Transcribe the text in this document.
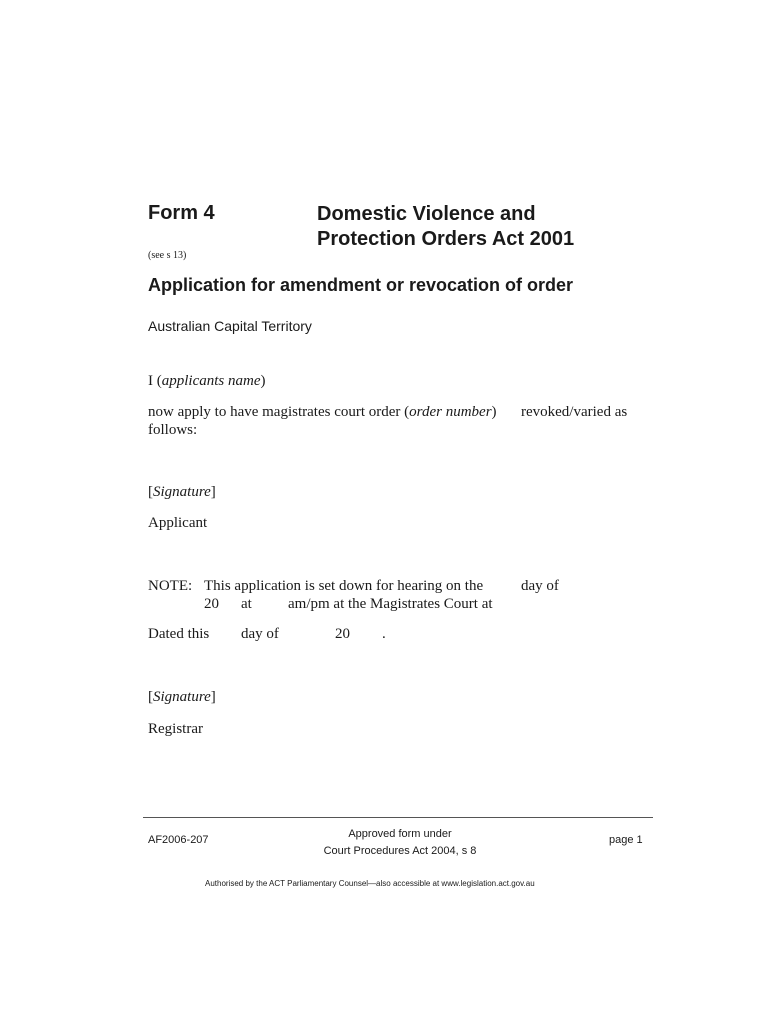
Form 4	Domestic Violence and
Protection Orders Act 2001
(see s 13)
Application for amendment or revocation of order
Australian Capital Territory
I (applicants name)
now apply to have magistrates court order (order number) revoked/varied as
follows:
[Signature]
Applicant
NOTE: This application is set down for hearing on the	day of
20 at am/pm at the Magistrates Court at
Dated this day of	20 .
[Signature]
Registrar
AF2006-207	Approved form under
Court Procedures Act 2004, s 8
page 1
Authorised by the ACT Parliamentary Counsel—also accessible at www.legislation.act.gov.au
